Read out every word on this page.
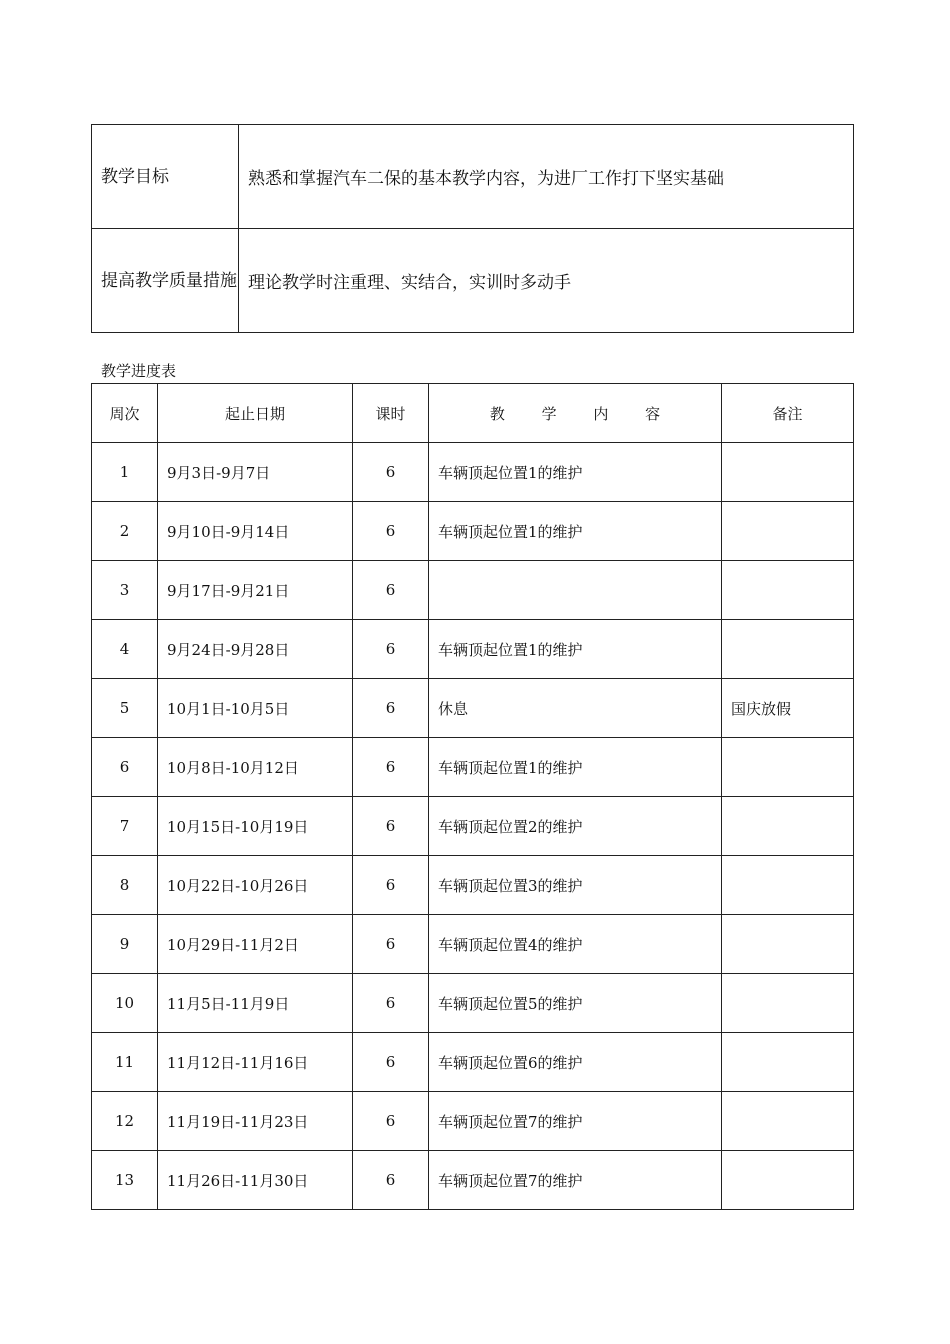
教学目标	熟悉和掌握汽车二保的基本教学内容，为进厂工作打下坚实基础
提高教学质量措施	理论教学时注重理、实结合，实训时多动手
教学进度表
周次	起止日期	课时	教 学 内 容	备注
1	9月3日-9月7日	6	车辆顶起位置1的维护	
2	9月10日-9月14日	6	车辆顶起位置1的维护	
3	9月17日-9月21日	6		
4	9月24日-9月28日	6	车辆顶起位置1的维护	
5	10月1日-10月5日	6	休息	国庆放假
6	10月8日-10月12日	6	车辆顶起位置1的维护	
7	10月15日-10月19日	6	车辆顶起位置2的维护	
8	10月22日-10月26日	6	车辆顶起位置3的维护	
9	10月29日-11月2日	6	车辆顶起位置4的维护	
10	11月5日-11月9日	6	车辆顶起位置5的维护	
11	11月12日-11月16日	6	车辆顶起位置6的维护	
12	11月19日-11月23日	6	车辆顶起位置7的维护	
13	11月26日-11月30日	6	车辆顶起位置7的维护	
